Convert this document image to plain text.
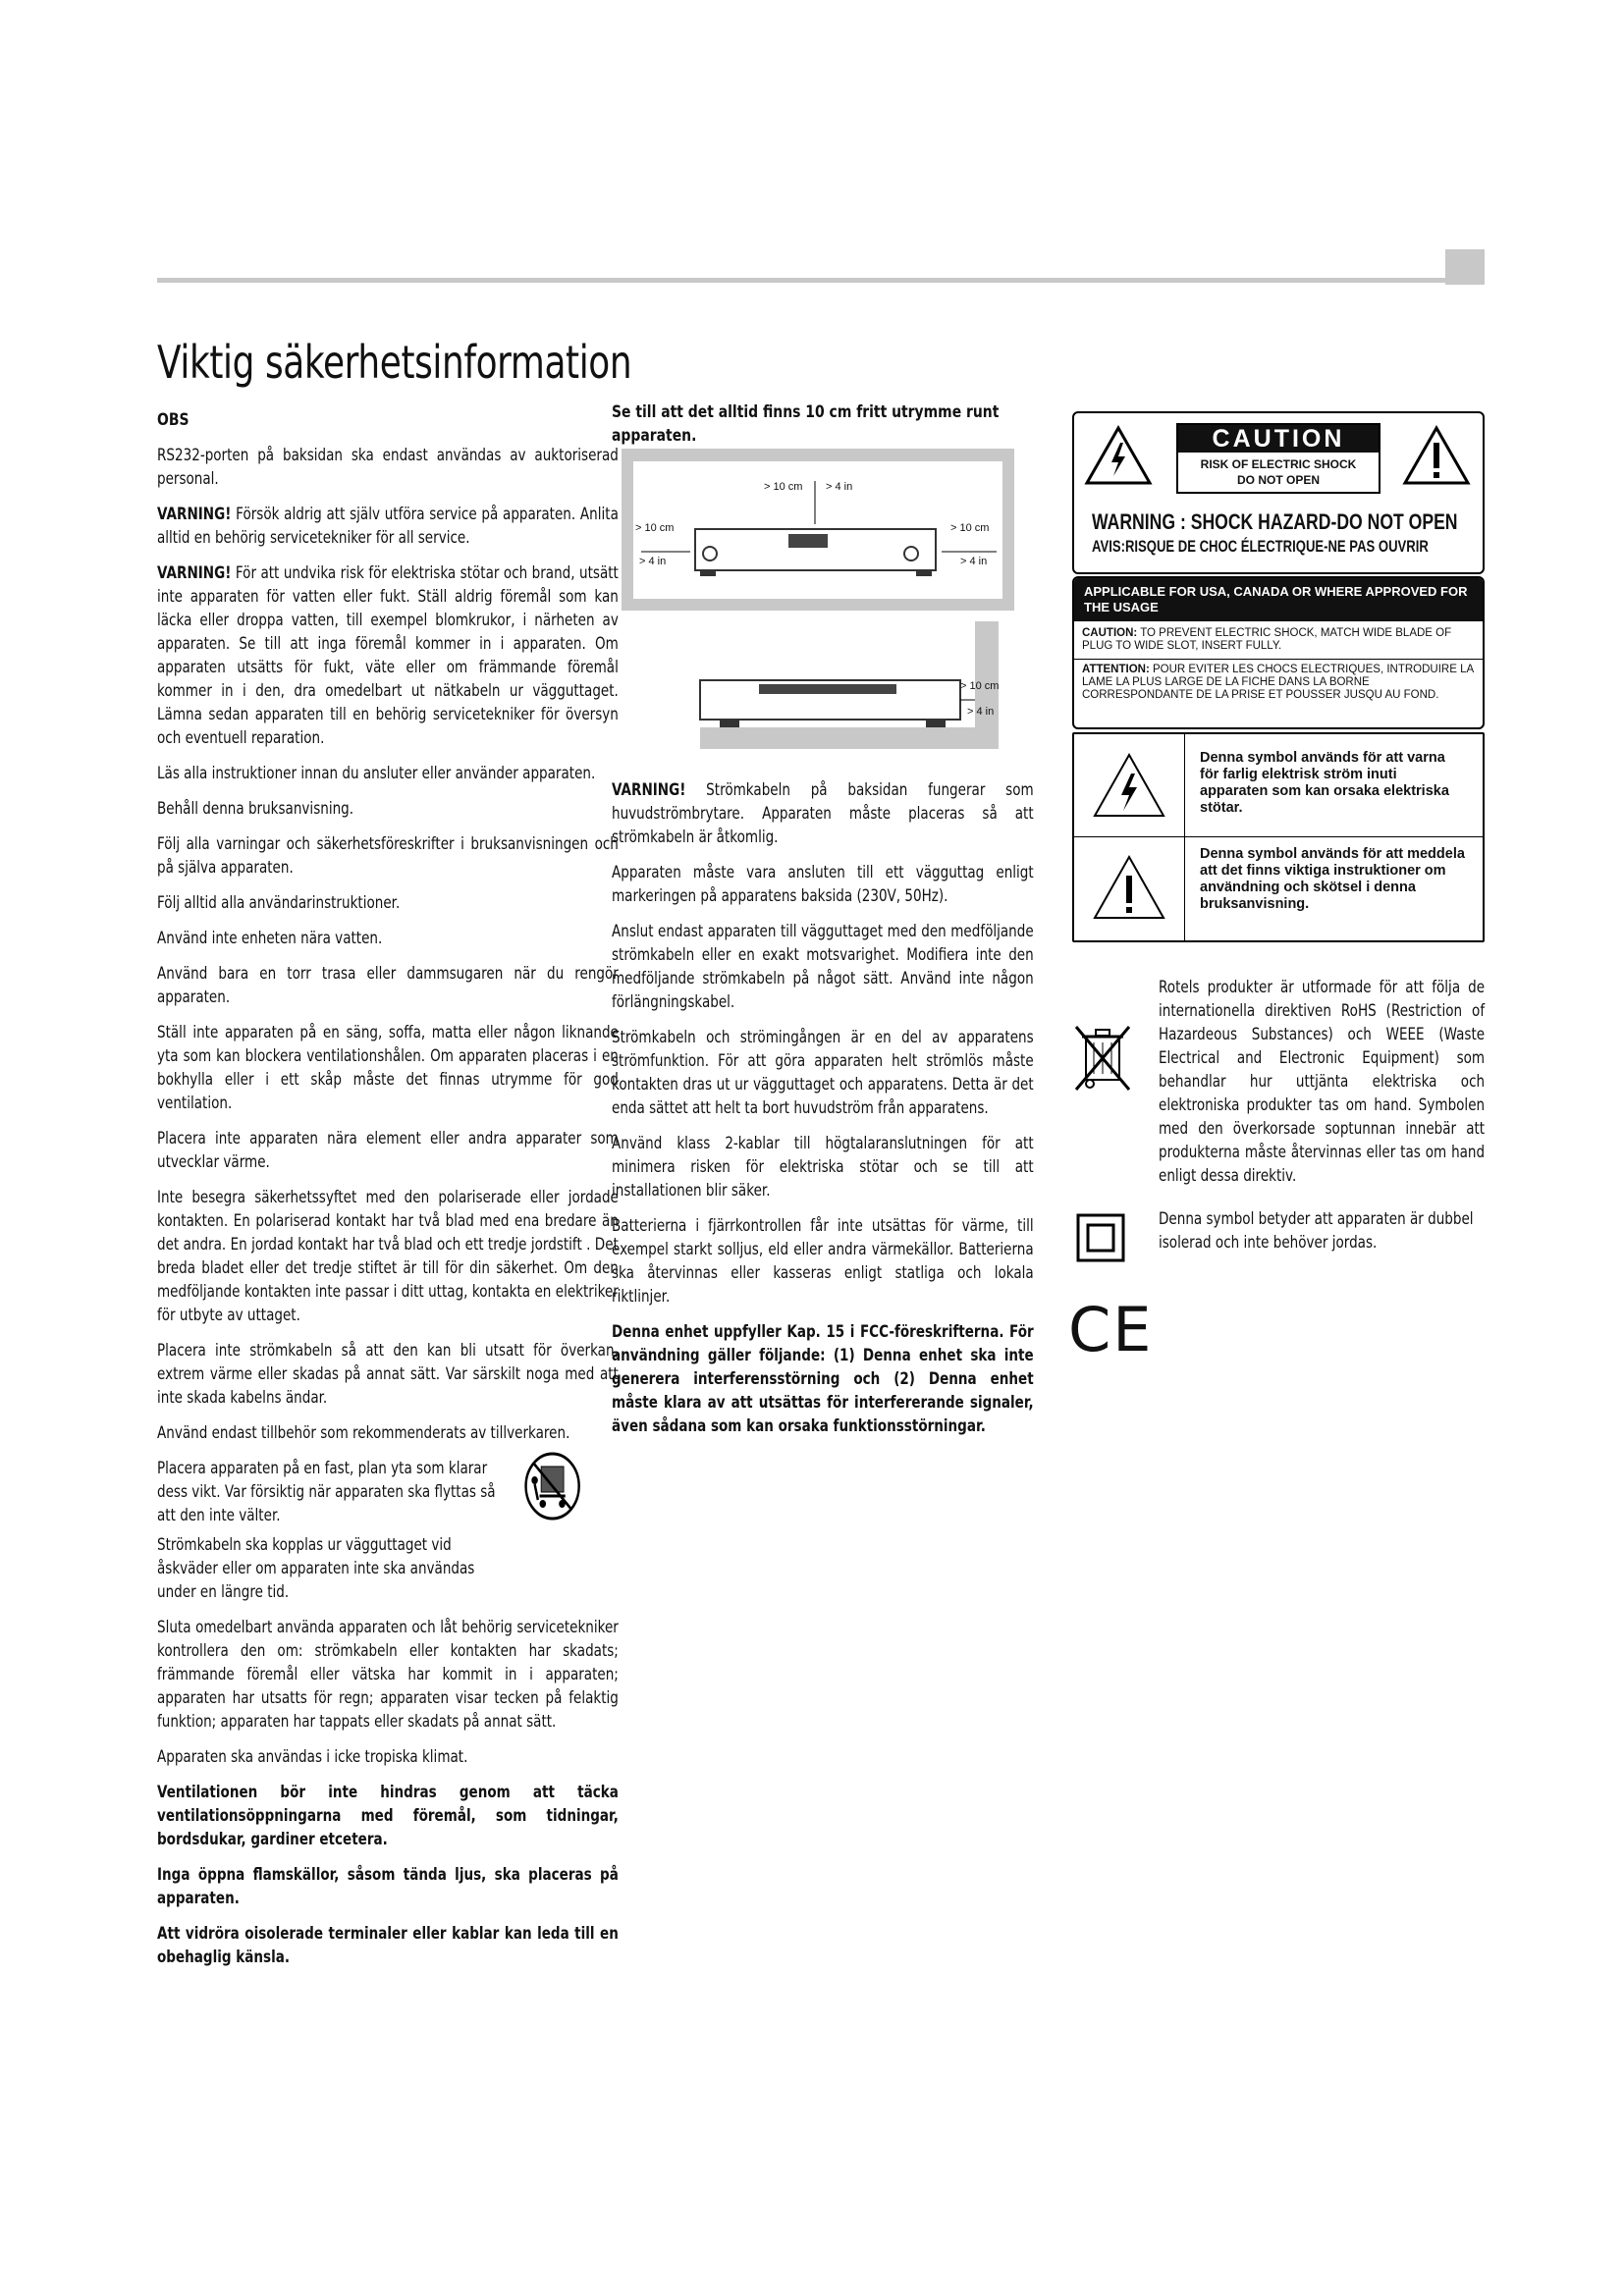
Viktig säkerhetsinformation
OBS

RS232-porten på baksidan ska endast användas av auktoriserad personal.

VARNING! Försök aldrig att själv utföra service på apparaten. Anlita alltid en behörig servicetekniker för all service.

VARNING! För att undvika risk för elektriska stötar och brand, utsätt inte apparaten för vatten eller fukt. Ställ aldrig föremål som kan läcka eller droppa vatten, till exempel blomkrukor, i närheten av apparaten. Se till att inga föremål kommer in i apparaten. Om apparaten utsätts för fukt, väte eller om främmande föremål kommer in i den, dra omedelbart ut nätkabeln ur vägguttaget. Lämna sedan apparaten till en behörig servicetekniker för översyn och eventuell reparation.

Läs alla instruktioner innan du ansluter eller använder apparaten.

Behåll denna bruksanvisning.

Följ alla varningar och säkerhetsföreskrifter i bruksanvisningen och på själva apparaten.

Följ alltid alla användarinstruktioner.

Använd inte enheten nära vatten.

Använd bara en torr trasa eller dammsugaren när du rengör apparaten.

Ställ inte apparaten på en säng, soffa, matta eller någon liknande yta som kan blockera ventilationshålen. Om apparaten placeras i en bokhylla eller i ett skåp måste det finnas utrymme för god ventilation.

Placera inte apparaten nära element eller andra apparater som utvecklar värme.

Inte besegra säkerhetssyftet med den polariserade eller jordade kontakten. En polariserad kontakt har två blad med ena bredare än det andra. En jordad kontakt har två blad och ett tredje jordstift . Det breda bladet eller det tredje stiftet är till för din säkerhet. Om den medföljande kontakten inte passar i ditt uttag, kontakta en elektriker för utbyte av uttaget.

Placera inte strömkabeln så att den kan bli utsatt för överkan, extrem värme eller skadas på annat sätt. Var särskilt noga med att inte skada kabelns ändar.

Använd endast tillbehör som rekommenderats av tillverkaren.

Placera apparaten på en fast, plan yta som klarar dess vikt. Var försiktig när apparaten ska flyttas så att den inte välter.

Strömkabeln ska kopplas ur vägguttaget vid åskväder eller om apparaten inte ska användas under en längre tid.

Sluta omedelbart använda apparaten och låt behörig servicetekniker kontrollera den om: strömkabeln eller kontakten har skadats; främmande föremål eller vätska har kommit in i apparaten; apparaten har utsatts för regn; apparaten visar tecken på felaktig funktion; apparaten har tappats eller skadats på annat sätt.

Apparaten ska användas i icke tropiska klimat.

Ventilationen bör inte hindras genom att täcka ventilationsöppningarna med föremål, som tidningar, bordsdukar, gardiner etcetera.

Inga öppna flamskällor, såsom tända ljus, ska placeras på apparaten.

Att vidröra oisolerade terminaler eller kablar kan leda till en obehaglig känsla.

Se till att det alltid finns 10 cm fritt utrymme runt apparaten.
> 10 cm > 4 in
> 10 cm
> 4 in
> 10 cm
> 4 in
> 10 cm
> 4 in

VARNING! Strömkabeln på baksidan fungerar som huvudströmbrytare. Apparaten måste placeras så att strömkabeln är åtkomlig.

Apparaten måste vara ansluten till ett vägguttag enligt markeringen på apparatens baksida (230V, 50Hz).

Anslut endast apparaten till vägguttaget med den medföljande strömkabeln eller en exakt motsvarighet. Modifiera inte den medföljande strömkabeln på något sätt. Använd inte någon förlängningskabel.

Strömkabeln och strömingången är en del av apparatens strömfunktion. För att göra apparaten helt strömlös måste kontakten dras ut ur vägguttaget och apparatens. Detta är det enda sättet att helt ta bort huvudström från apparatens.

Använd klass 2-kablar till högtalaranslutningen för att minimera risken för elektriska stötar och se till att installationen blir säker.

Batterierna i fjärrkontrollen får inte utsättas för värme, till exempel starkt solljus, eld eller andra värmekällor. Batterierna ska återvinnas eller kasseras enligt statliga och lokala riktlinjer.

Denna enhet uppfyller Kap. 15 i FCC-föreskrifterna. För användning gäller följande: (1) Denna enhet ska inte generera interferensstörning och (2) Denna enhet måste klara av att utsättas för interfererande signaler, även sådana som kan orsaka funktionsstörningar.

CAUTION
RISK OF ELECTRIC SHOCK
DO NOT OPEN
WARNING : SHOCK HAZARD-DO NOT OPEN
AVIS:RISQUE DE CHOC ÉLECTRIQUE-NE PAS OUVRIR
APPLICABLE FOR USA, CANADA OR WHERE APPROVED FOR THE USAGE
CAUTION: TO PREVENT ELECTRIC SHOCK, MATCH WIDE BLADE OF PLUG TO WIDE SLOT, INSERT FULLY.
ATTENTION: POUR EVITER LES CHOCS ELECTRIQUES, INTRODUIRE LA LAME LA PLUS LARGE DE LA FICHE DANS LA BORNE CORRESPONDANTE DE LA PRISE ET POUSSER JUSQU AU FOND.
Denna symbol används för att varna för farlig elektrisk ström inuti apparaten som kan orsaka elektriska stötar.
Denna symbol används för att meddela att det finns viktiga instruktioner om användning och skötsel i denna bruksanvisning.

Rotels produkter är utformade för att följa de internationella direktiven RoHS (Restriction of Hazardeous Substances) och WEEE (Waste Electrical and Electronic Equipment) som behandlar hur uttjänta elektriska och elektroniska produkter tas om hand. Symbolen med den överkorsade soptunnan innebär att produkterna måste återvinnas eller tas om hand enligt dessa direktiv.

Denna symbol betyder att apparaten är dubbel isolerad och inte behöver jordas.

CE
